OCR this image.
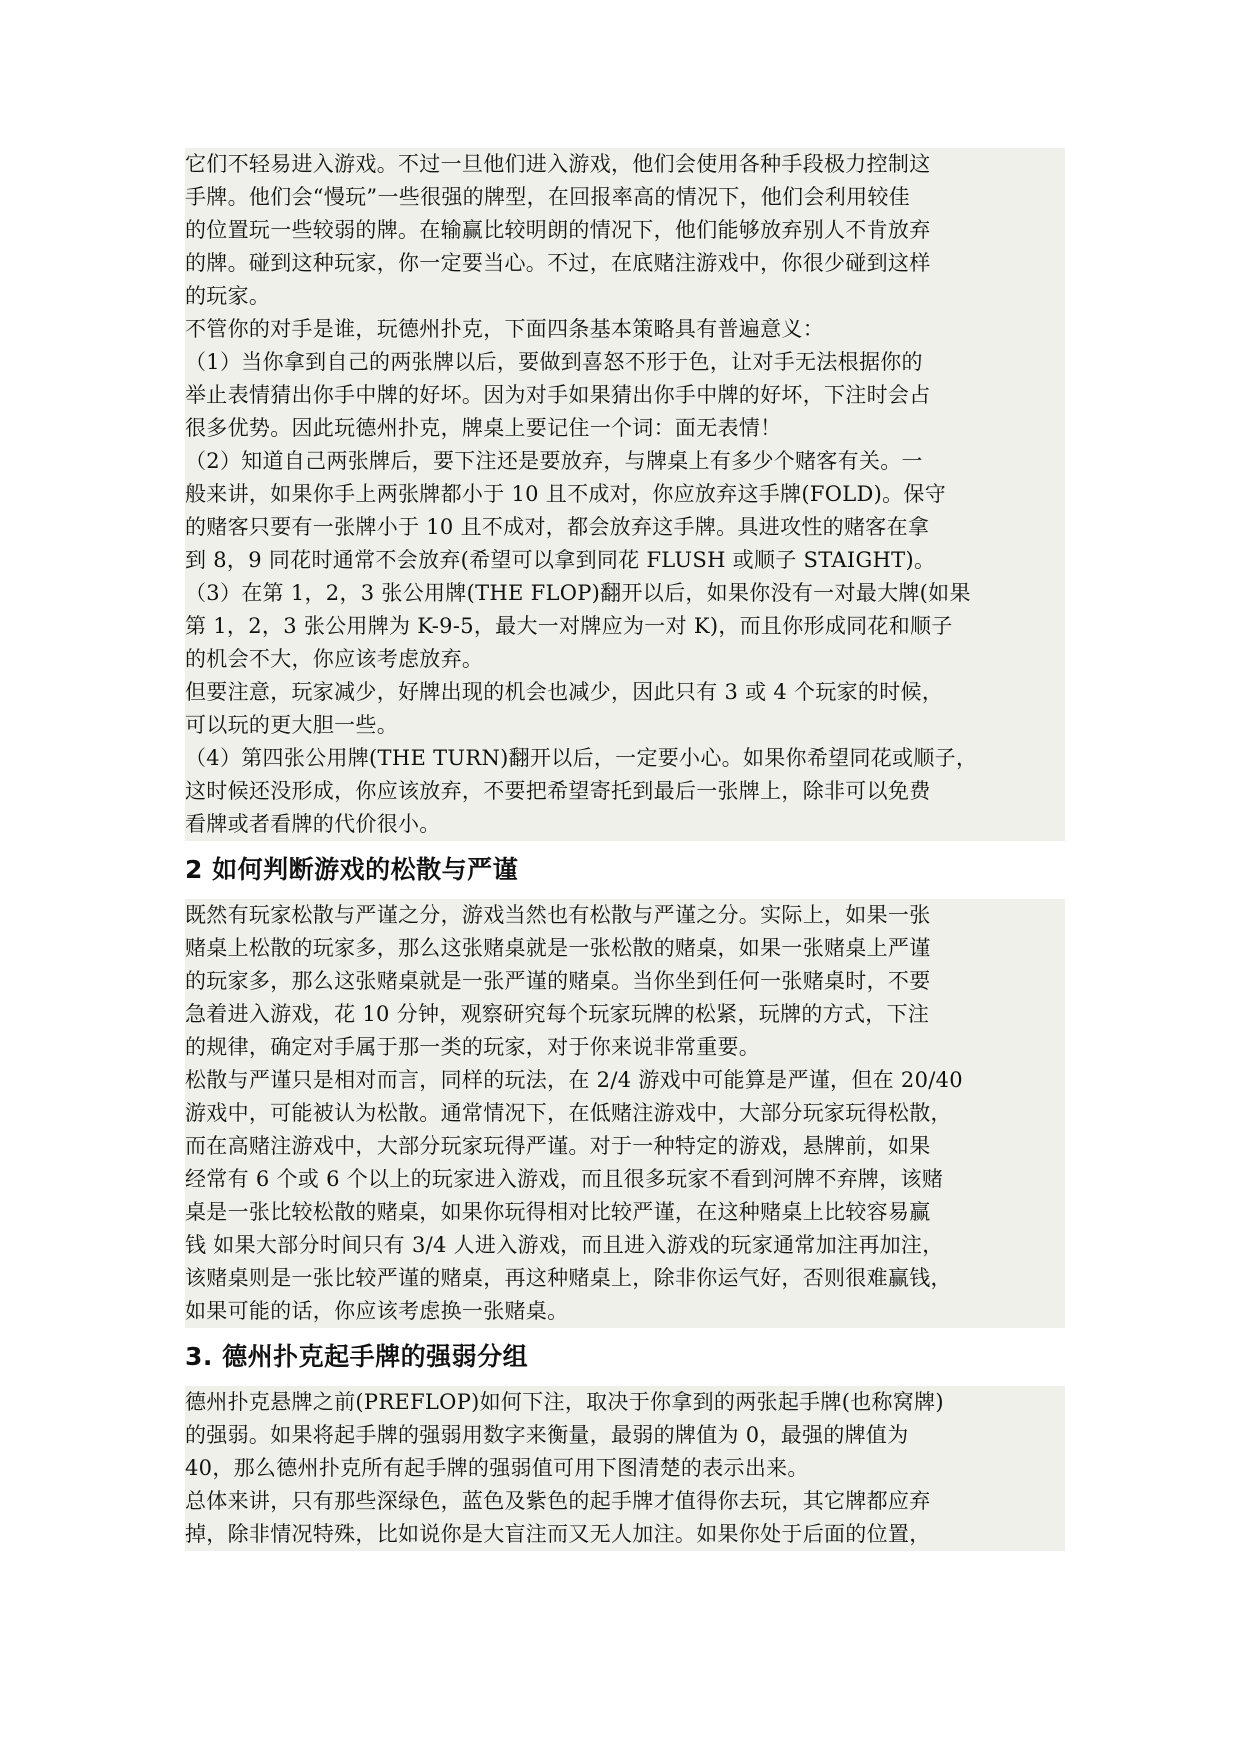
它们不轻易进入游戏。不过一旦他们进入游戏，他们会使用各种手段极力控制这
手牌。他们会“慢玩”一些很强的牌型，在回报率高的情况下，他们会利用较佳
的位置玩一些较弱的牌。在输赢比较明朗的情况下，他们能够放弃别人不肯放弃
的牌。碰到这种玩家，你一定要当心。不过，在底赌注游戏中，你很少碰到这样
的玩家。
不管你的对手是谁，玩德州扑克，下面四条基本策略具有普遍意义：
（1）当你拿到自己的两张牌以后，要做到喜怒不形于色，让对手无法根据你的
举止表情猜出你手中牌的好坏。因为对手如果猜出你手中牌的好坏，下注时会占
很多优势。因此玩德州扑克，牌桌上要记住一个词：面无表情！
（2）知道自己两张牌后，要下注还是要放弃，与牌桌上有多少个赌客有关。一
般来讲，如果你手上两张牌都小于 10 且不成对，你应放弃这手牌(FOLD)。保守
的赌客只要有一张牌小于 10 且不成对，都会放弃这手牌。具进攻性的赌客在拿
到 8，9 同花时通常不会放弃(希望可以拿到同花 FLUSH 或顺子 STAIGHT)。
（3）在第 1，2，3 张公用牌(THE FLOP)翻开以后，如果你没有一对最大牌(如果
第 1，2，3 张公用牌为 K-9-5，最大一对牌应为一对 K)，而且你形成同花和顺子
的机会不大，你应该考虑放弃。
但要注意，玩家减少，好牌出现的机会也减少，因此只有 3 或 4 个玩家的时候，
可以玩的更大胆一些。
（4）第四张公用牌(THE TURN)翻开以后，一定要小心。如果你希望同花或顺子，
这时候还没形成，你应该放弃，不要把希望寄托到最后一张牌上，除非可以免费
看牌或者看牌的代价很小。
2 如何判断游戏的松散与严谨
既然有玩家松散与严谨之分，游戏当然也有松散与严谨之分。实际上，如果一张
赌桌上松散的玩家多，那么这张赌桌就是一张松散的赌桌，如果一张赌桌上严谨
的玩家多，那么这张赌桌就是一张严谨的赌桌。当你坐到任何一张赌桌时，不要
急着进入游戏，花 10 分钟，观察研究每个玩家玩牌的松紧，玩牌的方式，下注
的规律，确定对手属于那一类的玩家，对于你来说非常重要。
松散与严谨只是相对而言，同样的玩法，在 2/4 游戏中可能算是严谨，但在 20/40
游戏中，可能被认为松散。通常情况下，在低赌注游戏中，大部分玩家玩得松散，
而在高赌注游戏中，大部分玩家玩得严谨。对于一种特定的游戏，悬牌前，如果
经常有 6 个或 6 个以上的玩家进入游戏，而且很多玩家不看到河牌不弃牌，该赌
桌是一张比较松散的赌桌，如果你玩得相对比较严谨，在这种赌桌上比较容易赢
钱 如果大部分时间只有 3/4 人进入游戏，而且进入游戏的玩家通常加注再加注，
该赌桌则是一张比较严谨的赌桌，再这种赌桌上，除非你运气好，否则很难赢钱，
如果可能的话，你应该考虑换一张赌桌。
3. 德州扑克起手牌的强弱分组
德州扑克悬牌之前(PREFLOP)如何下注，取决于你拿到的两张起手牌(也称窝牌)
的强弱。如果将起手牌的强弱用数字来衡量，最弱的牌值为 0，最强的牌值为
40，那么德州扑克所有起手牌的强弱值可用下图清楚的表示出来。
总体来讲，只有那些深绿色，蓝色及紫色的起手牌才值得你去玩，其它牌都应弃
掉，除非情况特殊，比如说你是大盲注而又无人加注。如果你处于后面的位置，
